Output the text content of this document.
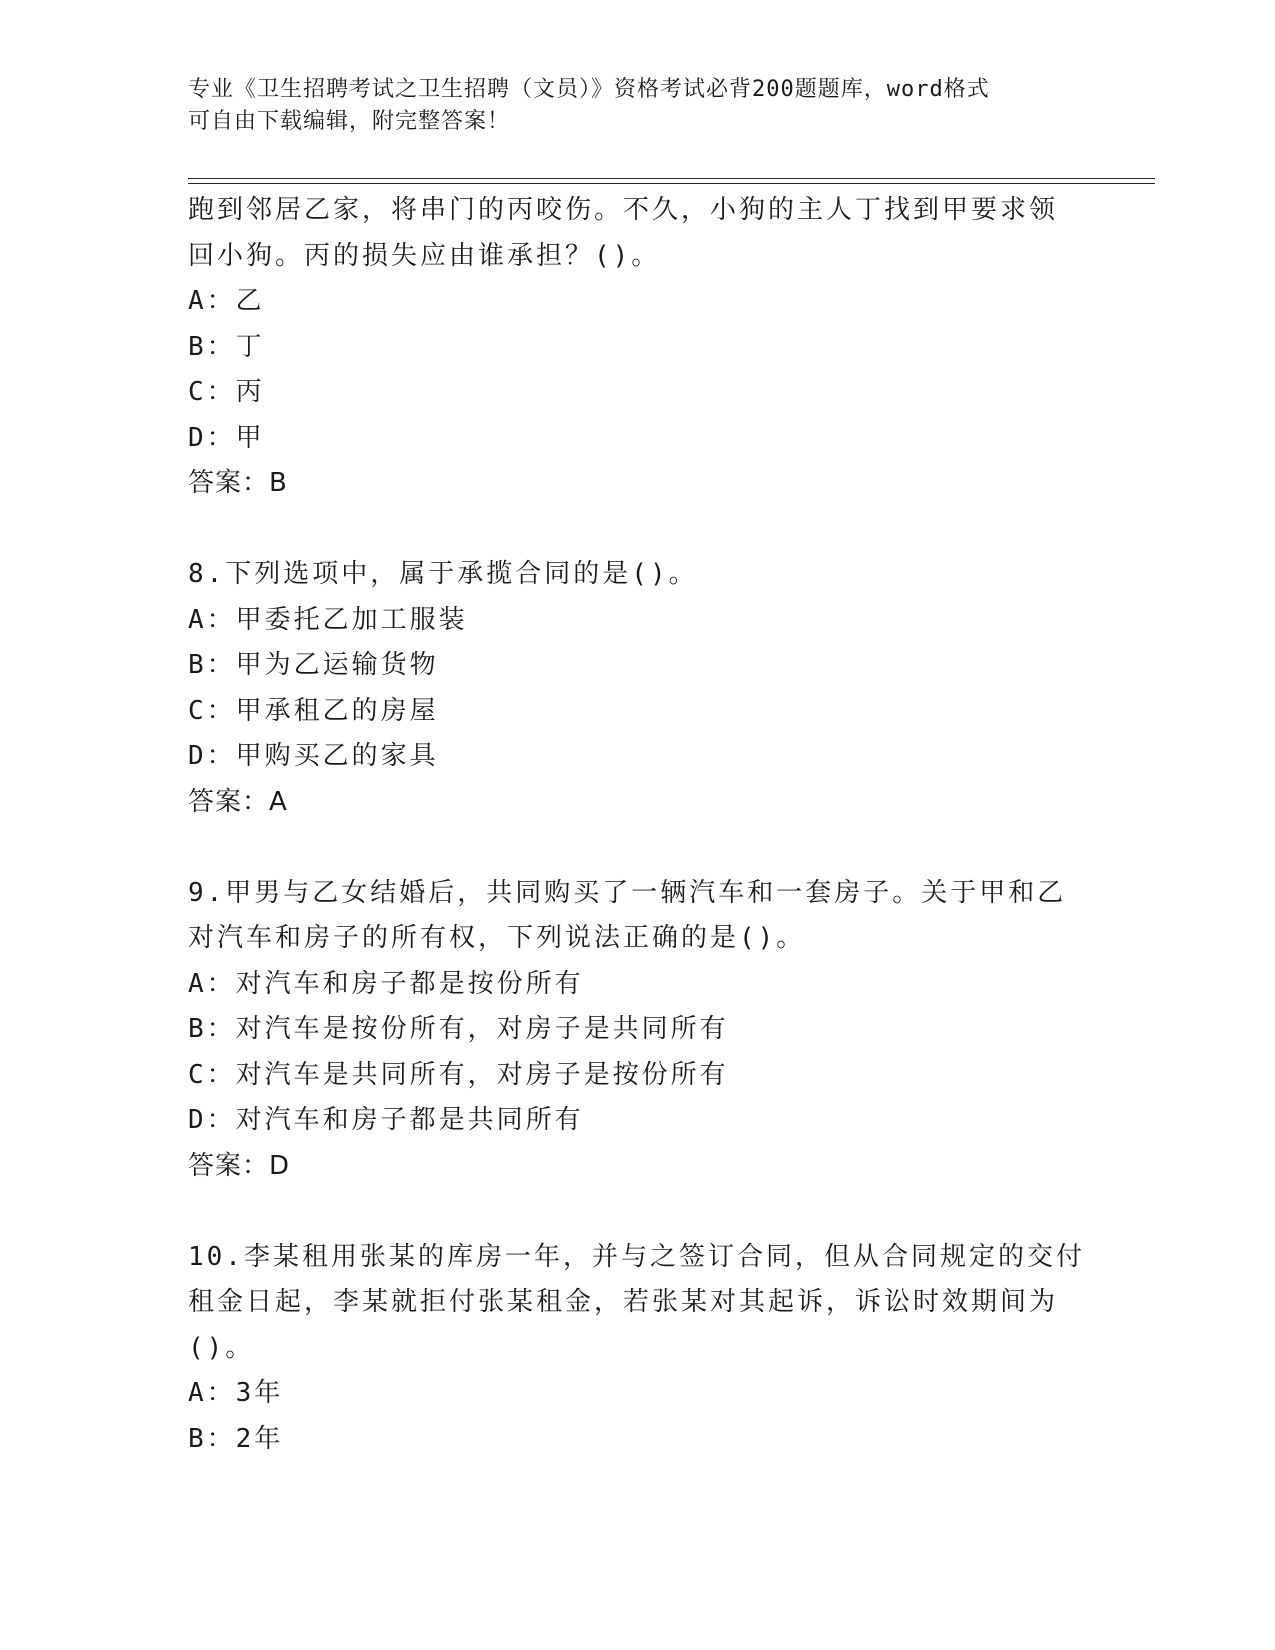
专业《卫生招聘考试之卫生招聘（文员）》资格考试必背200题题库，word格式
可自由下载编辑，附完整答案！
跑到邻居乙家，将串门的丙咬伤。不久，小狗的主人丁找到甲要求领
回小狗。丙的损失应由谁承担？()。
A：乙
B：丁
C：丙
D：甲
答案：B
8.下列选项中，属于承揽合同的是()。
A：甲委托乙加工服装
B：甲为乙运输货物
C：甲承租乙的房屋
D：甲购买乙的家具
答案：A
9.甲男与乙女结婚后，共同购买了一辆汽车和一套房子。关于甲和乙
对汽车和房子的所有权，下列说法正确的是()。
A：对汽车和房子都是按份所有
B：对汽车是按份所有，对房子是共同所有
C：对汽车是共同所有，对房子是按份所有
D：对汽车和房子都是共同所有
答案：D
10.李某租用张某的库房一年，并与之签订合同，但从合同规定的交付
租金日起，李某就拒付张某租金，若张某对其起诉，诉讼时效期间为
()。
A：3年
B：2年
